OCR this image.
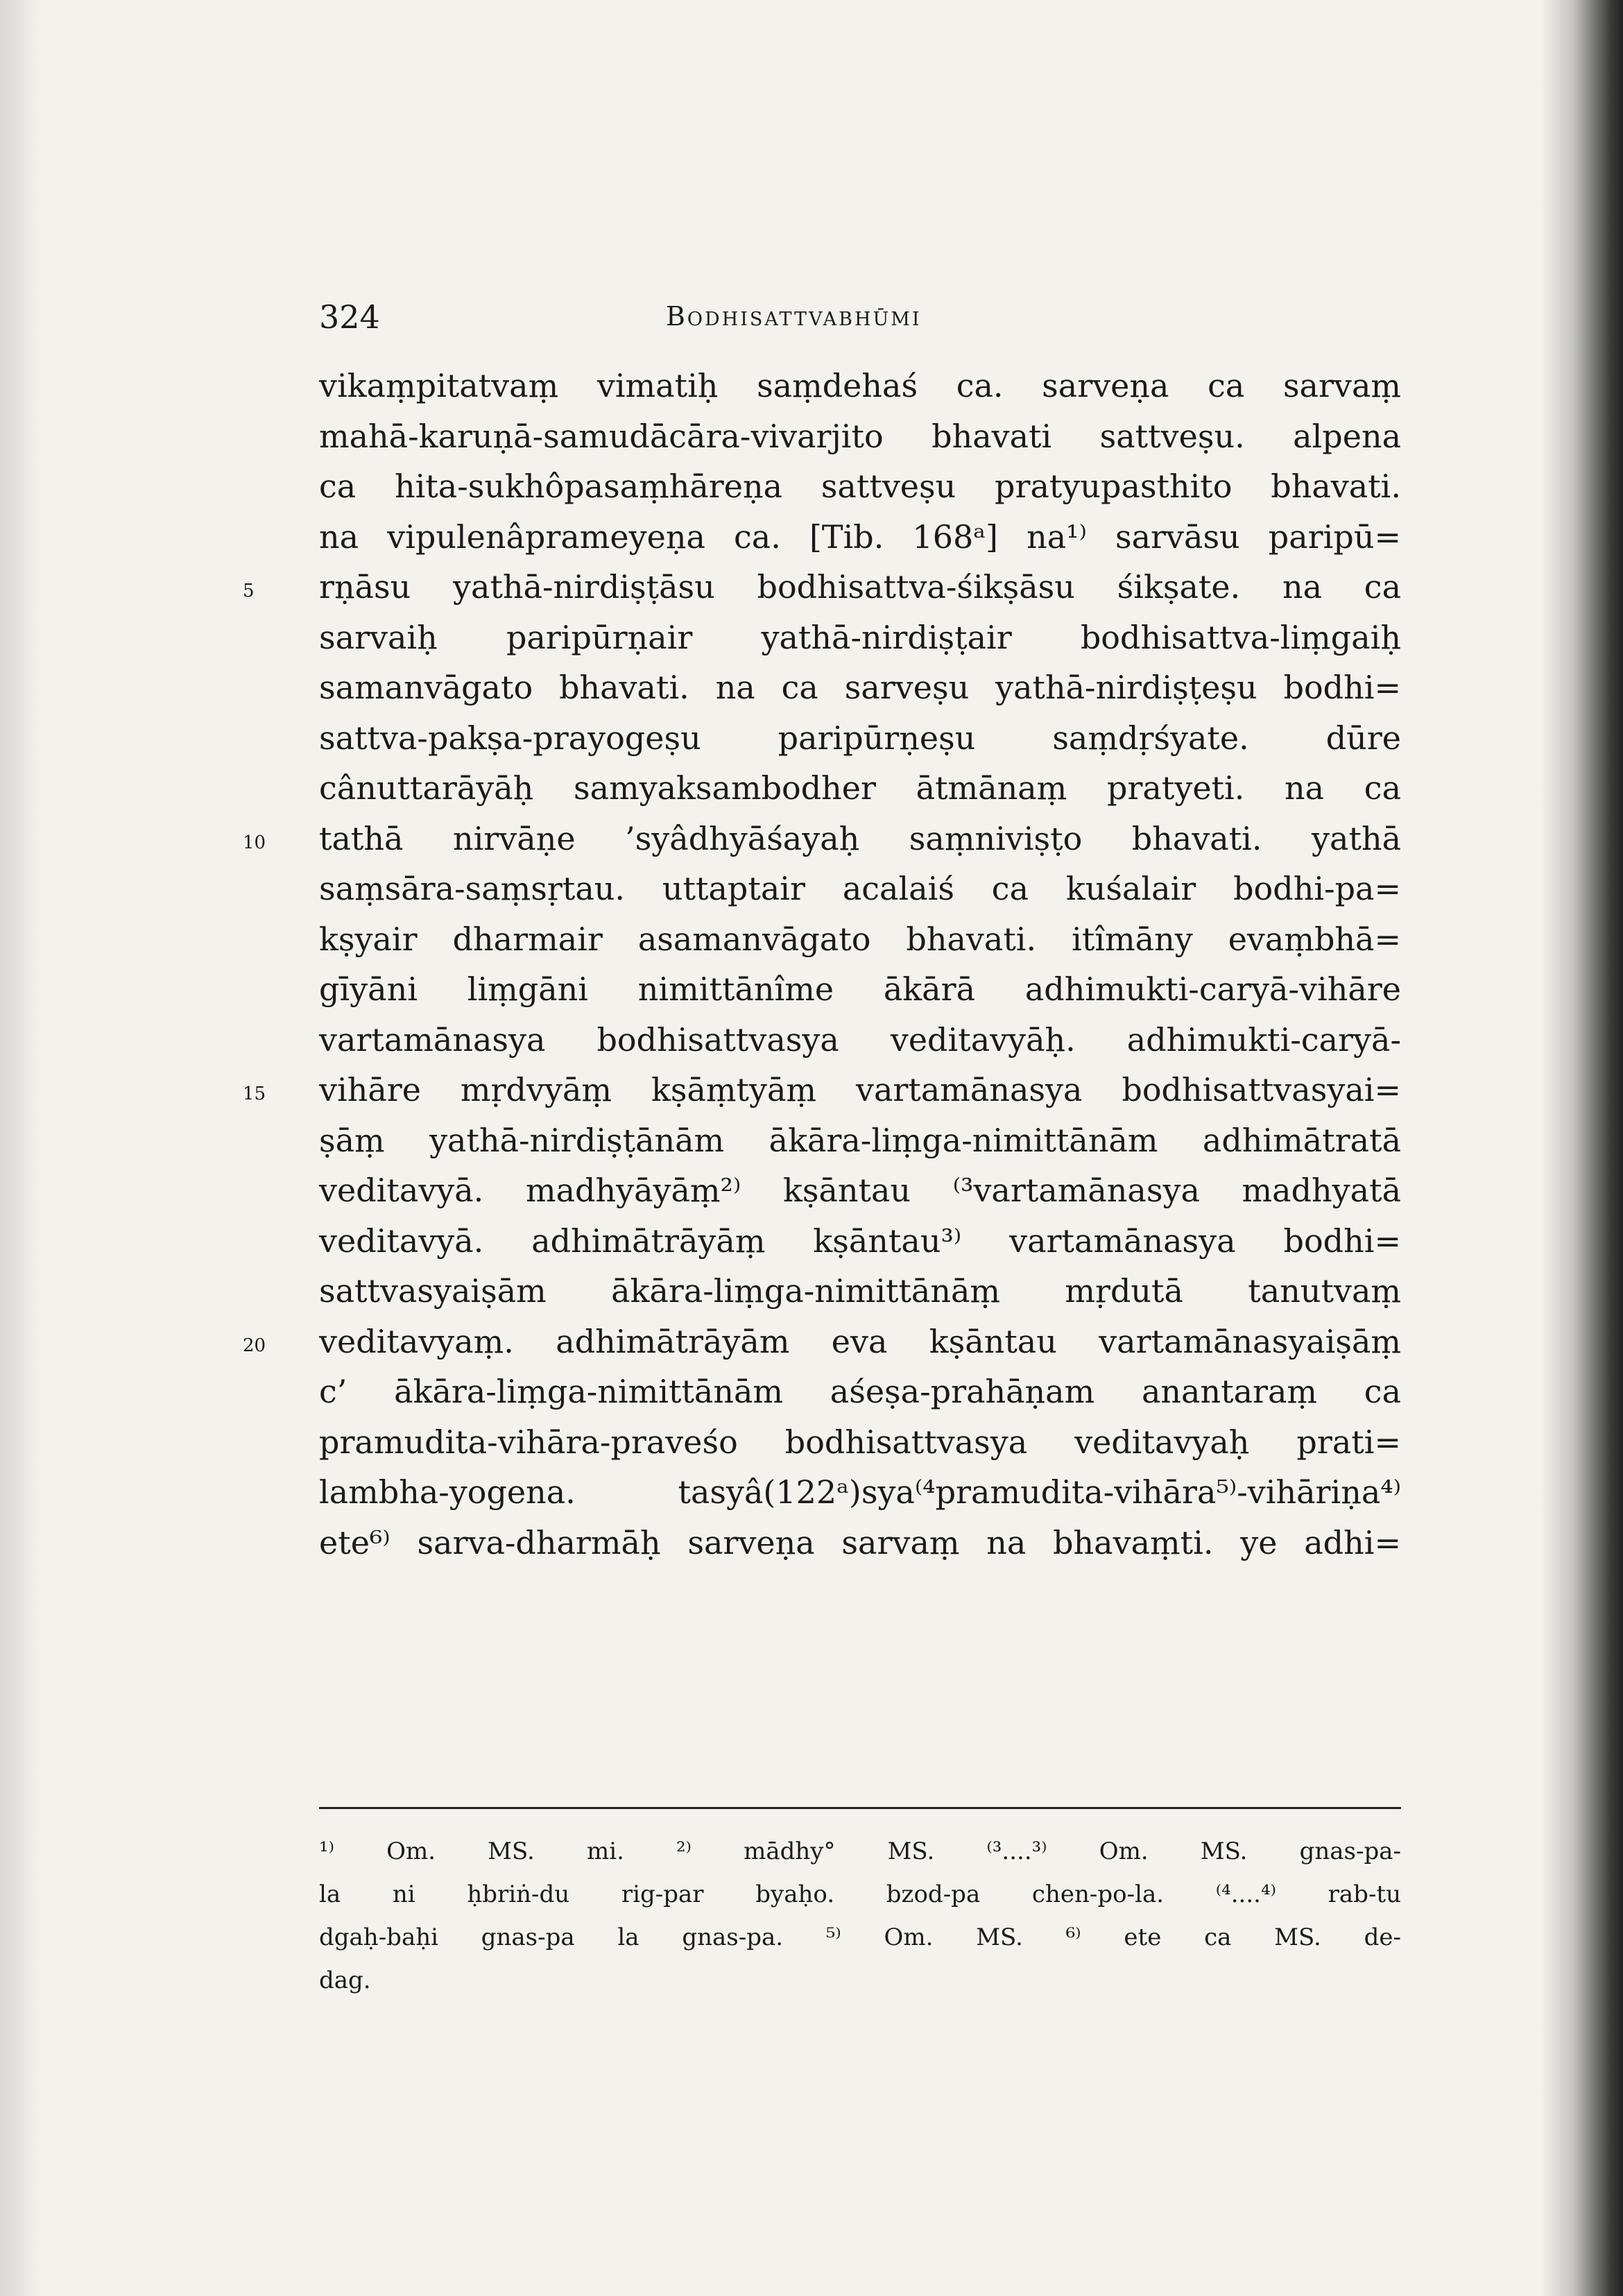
324	Bodhisattvabhūmi
vikaṃpitatvaṃ vimatiḥ saṃdehaś ca. sarveṇa ca sarvaṃ
mahā-karuṇā-samudācāra-vivarjito bhavati sattveṣu. alpena
ca hita-sukhôpasaṃhāreṇa sattveṣu pratyupasthito bhavati.
na vipulenâprameyeṇa ca. [Tib. 168ᵃ] na¹⁾ sarvāsu paripū=
5 rṇāsu yathā-nirdiṣṭāsu bodhisattva-śikṣāsu śikṣate. na ca
sarvaiḥ paripūrṇair yathā-nirdiṣṭair bodhisattva-liṃgaiḥ
samanvāgato bhavati. na ca sarveṣu yathā-nirdiṣṭeṣu bodhi=
sattva-pakṣa-prayogeṣu paripūrṇeṣu saṃdṛśyate. dūre
cânuttarāyāḥ samyaksambodher ātmānaṃ pratyeti. na ca
10 tathā nirvāṇe ’syâdhyāśayaḥ saṃniviṣṭo bhavati. yathā
saṃsāra-saṃsṛtau. uttaptair acalaiś ca kuśalair bodhi-pa=
kṣyair dharmair asamanvāgato bhavati. itîmāny evaṃbhā=
gīyāni liṃgāni nimittānîme ākārā adhimukti-caryā-vihāre
vartamānasya bodhisattvasya veditavyāḥ. adhimukti-caryā-
15 vihāre mṛdvyāṃ kṣāṃtyāṃ vartamānasya bodhisattvasyai=
ṣāṃ yathā-nirdiṣṭānām ākāra-liṃga-nimittānām adhimātratā
veditavyā. madhyāyāṃ²⁾ kṣāntau ⁽³vartamānasya madhyatā
veditavyā. adhimātrāyāṃ kṣāntau³⁾ vartamānasya bodhi=
sattvasyaiṣām ākāra-liṃga-nimittānāṃ mṛdutā tanutvaṃ
20 veditavyaṃ. adhimātrāyām eva kṣāntau vartamānasyaiṣāṃ
c’ ākāra-liṃga-nimittānām aśeṣa-prahāṇam anantaraṃ ca
pramudita-vihāra-praveśo bodhisattvasya veditavyaḥ prati=
lambha-yogena. tasyâ(122ᵃ)sya⁽⁴pramudita-vihāra⁵⁾-vihāriṇa⁴⁾
ete⁶⁾ sarva-dharmāḥ sarveṇa sarvaṃ na bhavaṃti. ye adhi=
¹⁾ Om. MS. mi. ²⁾ mādhy° MS. ⁽³....³⁾ Om. MS. gnas-pa-
la ni ḥbriṅ-du rig-par byaḥo. bzod-pa chen-po-la. ⁽⁴....⁴⁾ rab-tu
dgaḥ-baḥi gnas-pa la gnas-pa. ⁵⁾ Om. MS. ⁶⁾ ete ca MS. de-
dag.
